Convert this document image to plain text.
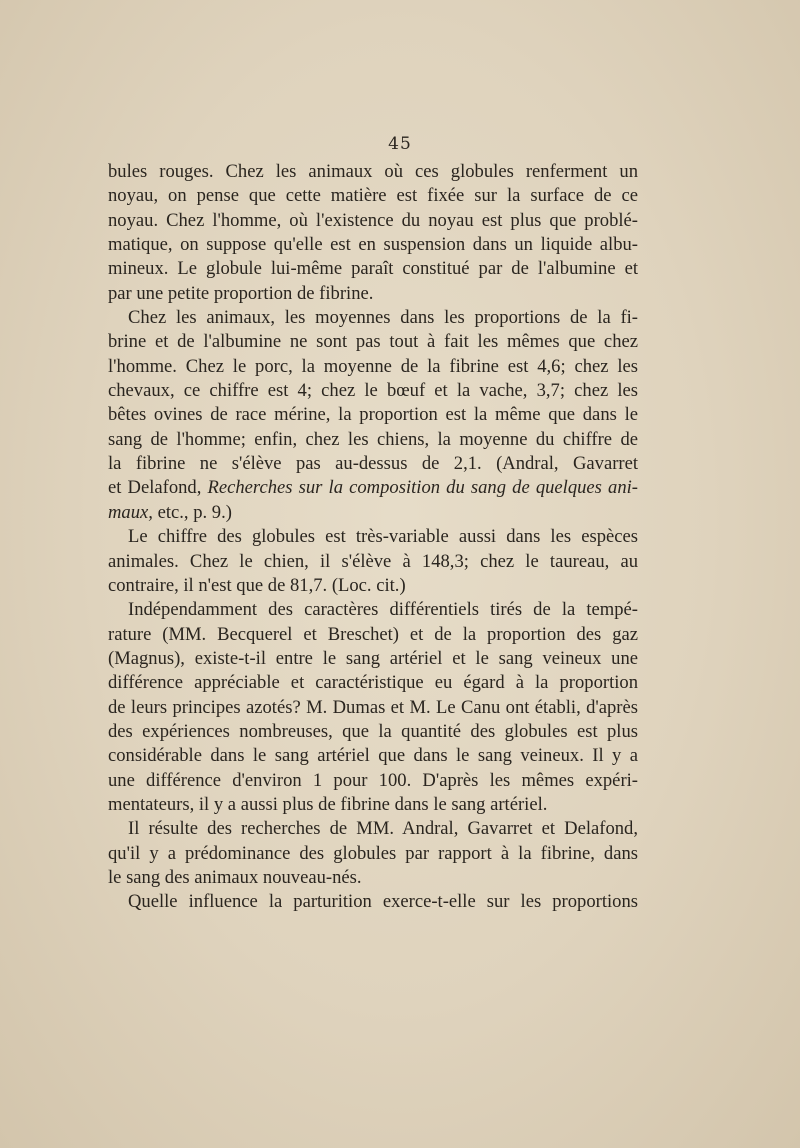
45
bules rouges. Chez les animaux où ces globules renferment un
noyau, on pense que cette matière est fixée sur la surface de ce
noyau. Chez l'homme, où l'existence du noyau est plus que problé-
matique, on suppose qu'elle est en suspension dans un liquide albu-
mineux. Le globule lui-même paraît constitué par de l'albumine et
par une petite proportion de fibrine.
Chez les animaux, les moyennes dans les proportions de la fi-
brine et de l'albumine ne sont pas tout à fait les mêmes que chez
l'homme. Chez le porc, la moyenne de la fibrine est 4,6; chez les
chevaux, ce chiffre est 4; chez le bœuf et la vache, 3,7; chez les
bêtes ovines de race mérine, la proportion est la même que dans le
sang de l'homme; enfin, chez les chiens, la moyenne du chiffre de
la fibrine ne s'élève pas au-dessus de 2,1. (Andral, Gavarret
et Delafond, Recherches sur la composition du sang de quelques ani-
maux, etc., p. 9.)
Le chiffre des globules est très-variable aussi dans les espèces
animales. Chez le chien, il s'élève à 148,3; chez le taureau, au
contraire, il n'est que de 81,7. (Loc. cit.)
Indépendamment des caractères différentiels tirés de la tempé-
rature (MM. Becquerel et Breschet) et de la proportion des gaz
(Magnus), existe-t-il entre le sang artériel et le sang veineux une
différence appréciable et caractéristique eu égard à la proportion
de leurs principes azotés? M. Dumas et M. Le Canu ont établi, d'après
des expériences nombreuses, que la quantité des globules est plus
considérable dans le sang artériel que dans le sang veineux. Il y a
une différence d'environ 1 pour 100. D'après les mêmes expéri-
mentateurs, il y a aussi plus de fibrine dans le sang artériel.
Il résulte des recherches de MM. Andral, Gavarret et Delafond,
qu'il y a prédominance des globules par rapport à la fibrine, dans
le sang des animaux nouveau-nés.
Quelle influence la parturition exerce-t-elle sur les proportions
